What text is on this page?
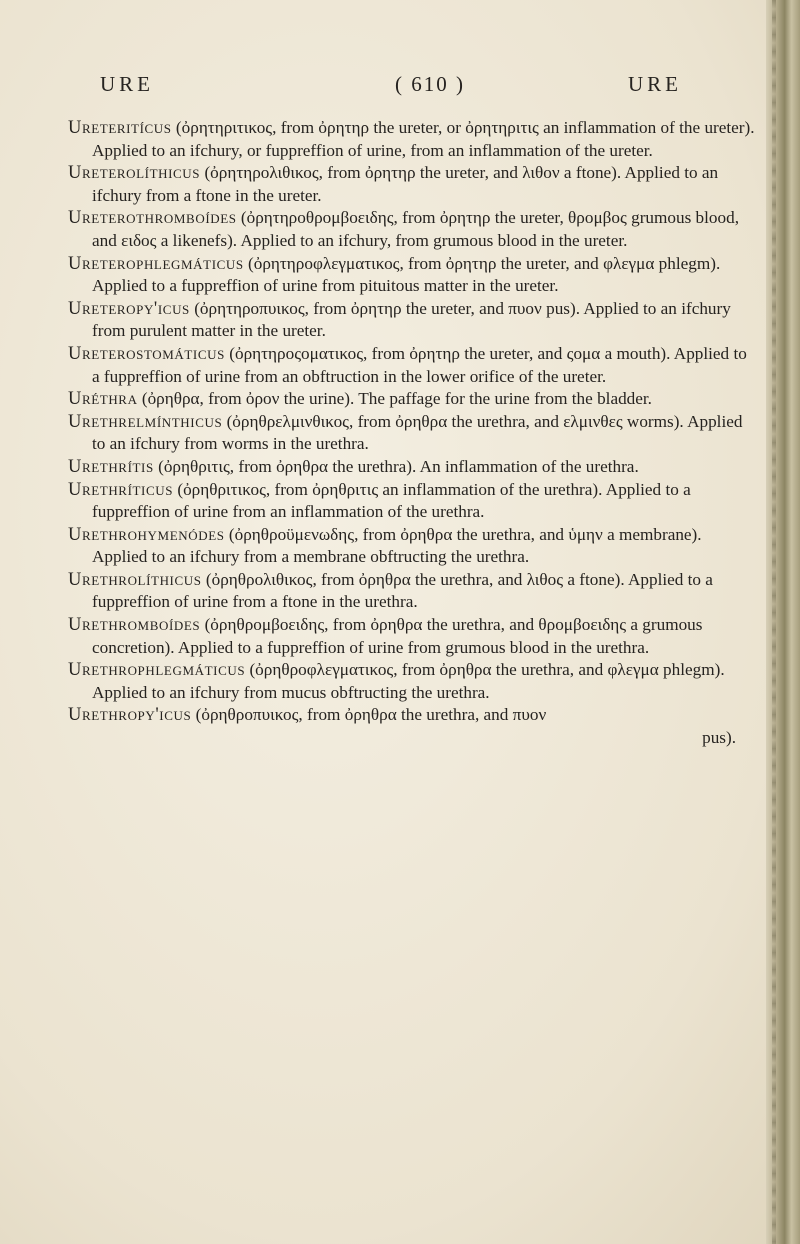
URE	( 610 )	URE

Ureteritícus (ὀρητηριτικος, from ὀρητηρ the ureter, or ὀρητηριτις an inflammation of the ureter). Applied to an ifchury, or fuppreffion of urine, from an inflammation of the ureter.

Ureterolíthicus (ὀρητηρολιθικος, from ὀρητηρ the ureter, and λιθον a ftone). Applied to an ifchury from a ftone in the ureter.

Ureterothromboídes (ὀρητηροθρομβοειδης, from ὀρητηρ the ureter, θρομβος grumous blood, and ειδος a likenefs). Applied to an ifchury, from grumous blood in the ureter.

Ureterophlegmáticus (ὀρητηροφλεγματικος, from ὀρητηρ the ureter, and φλεγμα phlegm). Applied to a fuppreffion of urine from pituitous matter in the ureter.

Ureteropy'icus (ὀρητηροπυικος, from ὀρητηρ the ureter, and πυον pus). Applied to an ifchury from purulent matter in the ureter.

Ureterostomáticus (ὀρητηροςοματικος, from ὀρητηρ the ureter, and ςομα a mouth). Applied to a fuppreffion of urine from an obftruction in the lower orifice of the ureter.

Uréthra (ὀρηθρα, from ὀρον the urine). The paffage for the urine from the bladder.

Urethrelmínthicus (ὀρηθρελμινθικος, from ὀρηθρα the urethra, and ελμινθες worms). Applied to an ifchury from worms in the urethra.

Urethrítis (ὀρηθριτις, from ὀρηθρα the urethra). An inflammation of the urethra.

Urethríticus (ὀρηθριτικος, from ὀρηθριτις an inflammation of the urethra). Applied to a fuppreffion of urine from an inflammation of the urethra.

Urethrohymenódes (ὀρηθροϋμενωδης, from ὀρηθρα the urethra, and ὑμην a membrane). Applied to an ifchury from a membrane obftructing the urethra.

Urethrolíthicus (ὀρηθρολιθικος, from ὀρηθρα the urethra, and λιθος a ftone). Applied to a fuppreffion of urine from a ftone in the urethra.

Urethromboídes (ὀρηθρομβοειδης, from ὀρηθρα the urethra, and θρομβοειδης a grumous concretion). Applied to a fuppreffion of urine from grumous blood in the urethra.

Urethrophlegmáticus (ὀρηθροφλεγματικος, from ὀρηθρα the urethra, and φλεγμα phlegm). Applied to an ifchury from mucus obftructing the urethra.

Urethropy'icus (ὀρηθροπυικος, from ὀρηθρα the urethra, and πυον

pus).
